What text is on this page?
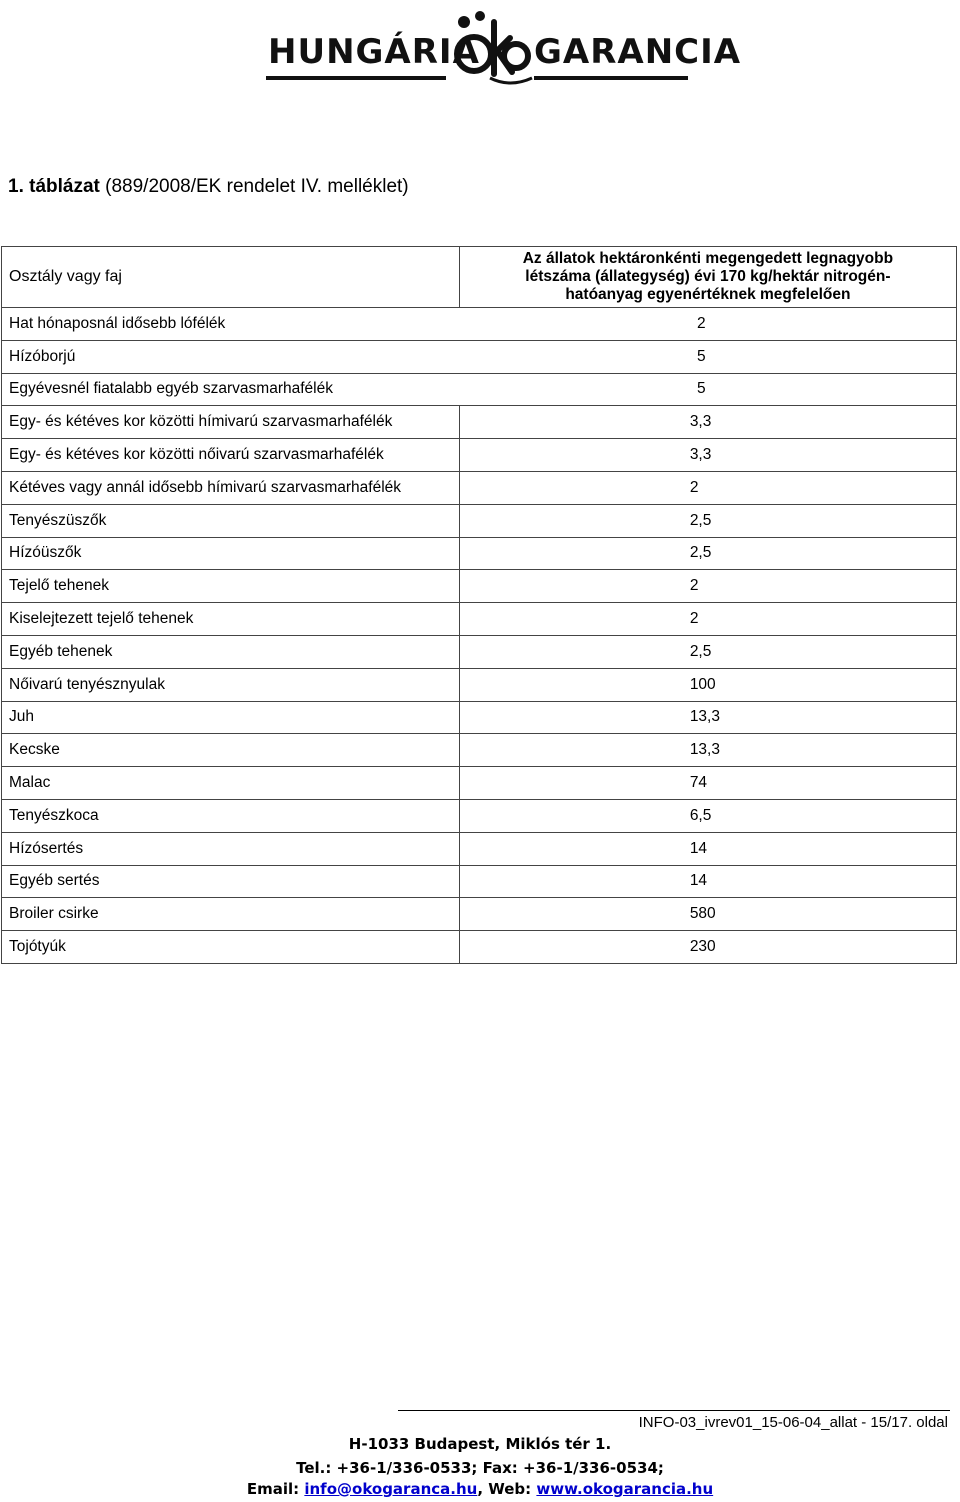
HUNGÁRIA GARANCIA
1. táblázat (889/2008/EK rendelet IV. melléklet)
Osztály vagy faj	Az állatok hektáronkénti megengedett legnagyobb létszáma (állategység) évi 170 kg/hektár nitrogén-hatóanyag egyenértéknek megfelelően
Hat hónaposnál idősebb lófélék 2	

Hízóborjú 5	

Egyévesnél fiatalabb egyéb szarvasmarhafélék 5	

Egy- és kétéves kor közötti hímivarú szarvasmarhafélék	3,3
Egy- és kétéves kor közötti nőivarú szarvasmarhafélék	3,3
Kétéves vagy annál idősebb hímivarú szarvasmarhafélék	2
Tenyészüszők	2,5
Hízóüszők	2,5
Tejelő tehenek	2
Kiselejtezett tejelő tehenek	2
Egyéb tehenek	2,5
Nőivarú tenyésznyulak	100
Juh	13,3
Kecske	13,3
Malac	74
Tenyészkoca	6,5
Hízósertés	14
Egyéb sertés	14
Broiler csirke	580
Tojótyúk	230
INFO-03_ivrev01_15-06-04_allat - 15/17. oldal
H-1033 Budapest, Miklós tér 1.
Tel.: +36-1/336-0533; Fax: +36-1/336-0534;
Email: info@okogaranca.hu, Web: www.okogarancia.hu
